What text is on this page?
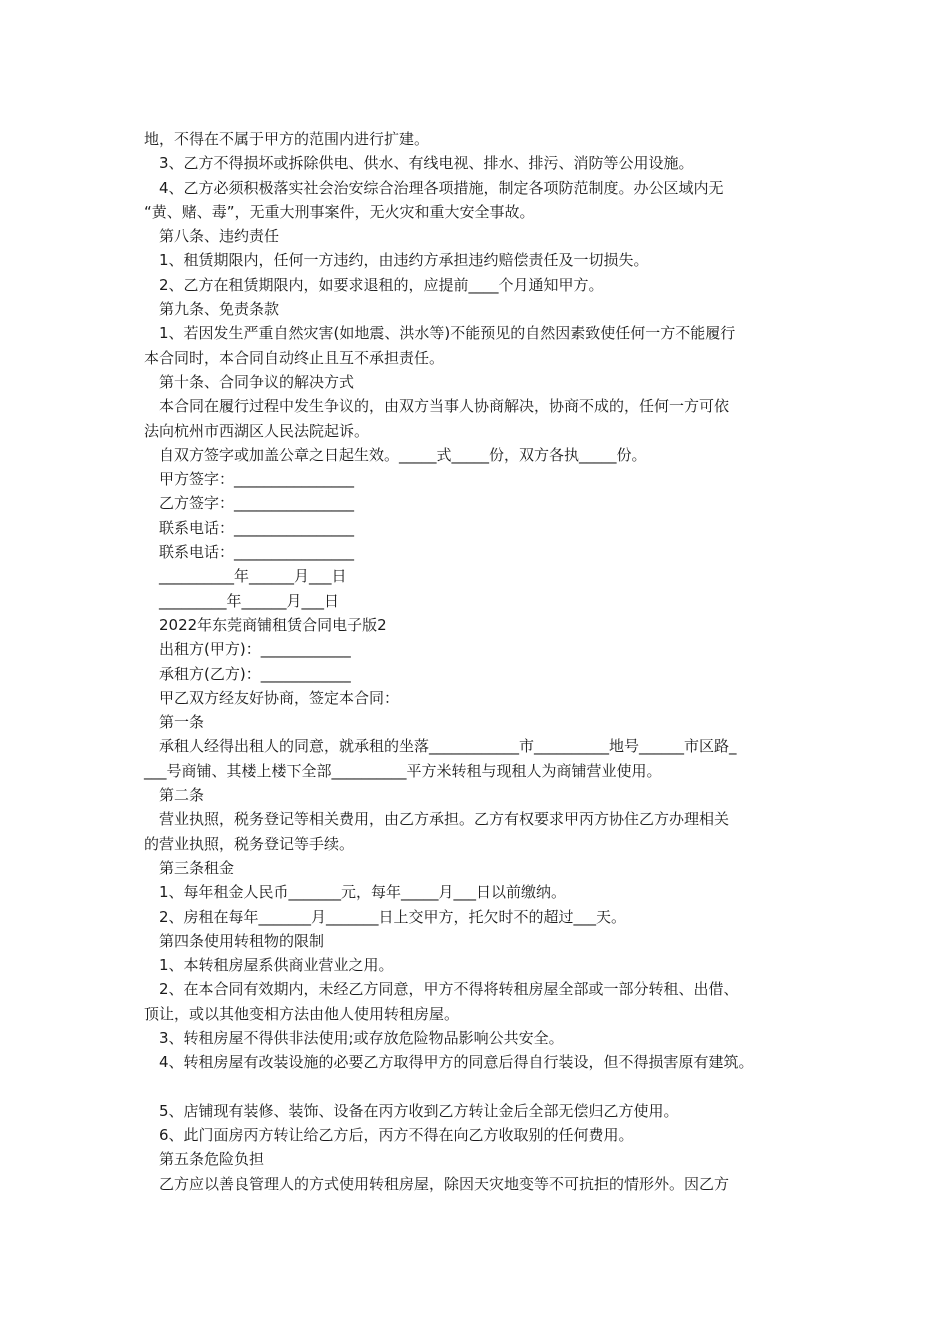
地，不得在不属于甲方的范围内进行扩建。
3、乙方不得损坏或拆除供电、供水、有线电视、排水、排污、消防等公用设施。
4、乙方必须积极落实社会治安综合治理各项措施，制定各项防范制度。办公区域内无
“黄、赌、毒”，无重大刑事案件，无火灾和重大安全事故。
第八条、违约责任
1、租赁期限内，任何一方违约，由违约方承担违约赔偿责任及一切损失。
2、乙方在租赁期限内，如要求退租的，应提前____个月通知甲方。
第九条、免责条款
1、若因发生严重自然灾害(如地震、洪水等)不能预见的自然因素致使任何一方不能履行
本合同时，本合同自动终止且互不承担责任。
第十条、合同争议的解决方式
本合同在履行过程中发生争议的，由双方当事人协商解决，协商不成的，任何一方可依
法向杭州市西湖区人民法院起诉。
自双方签字或加盖公章之日起生效。_____式_____份，双方各执_____份。
甲方签字：________________
乙方签字：________________
联系电话：________________
联系电话：________________
__________年______月___日
_________年______月___日
2022年东莞商铺租赁合同电子版2
出租方(甲方)：____________
承租方(乙方)：____________
甲乙双方经友好协商，签定本合同：
第一条
承租人经得出租人的同意，就承租的坐落____________市__________地号______市区路_
___号商铺、其楼上楼下全部__________平方米转租与现租人为商铺营业使用。
第二条
营业执照，税务登记等相关费用，由乙方承担。乙方有权要求甲丙方协住乙方办理相关
的营业执照，税务登记等手续。
第三条租金
1、每年租金人民币_______元，每年_____月___日以前缴纳。
2、房租在每年_______月_______日上交甲方，托欠时不的超过___天。
第四条使用转租物的限制
1、本转租房屋系供商业营业之用。
2、在本合同有效期内，未经乙方同意，甲方不得将转租房屋全部或一部分转租、出借、
顶让，或以其他变相方法由他人使用转租房屋。
3、转租房屋不得供非法使用;或存放危险物品影响公共安全。
4、转租房屋有改装设施的必要乙方取得甲方的同意后得自行装设，但不得损害原有建筑。
5、店铺现有装修、装饰、设备在丙方收到乙方转让金后全部无偿归乙方使用。
6、此门面房丙方转让给乙方后，丙方不得在向乙方收取别的任何费用。
第五条危险负担
乙方应以善良管理人的方式使用转租房屋，除因天灾地变等不可抗拒的情形外。因乙方
